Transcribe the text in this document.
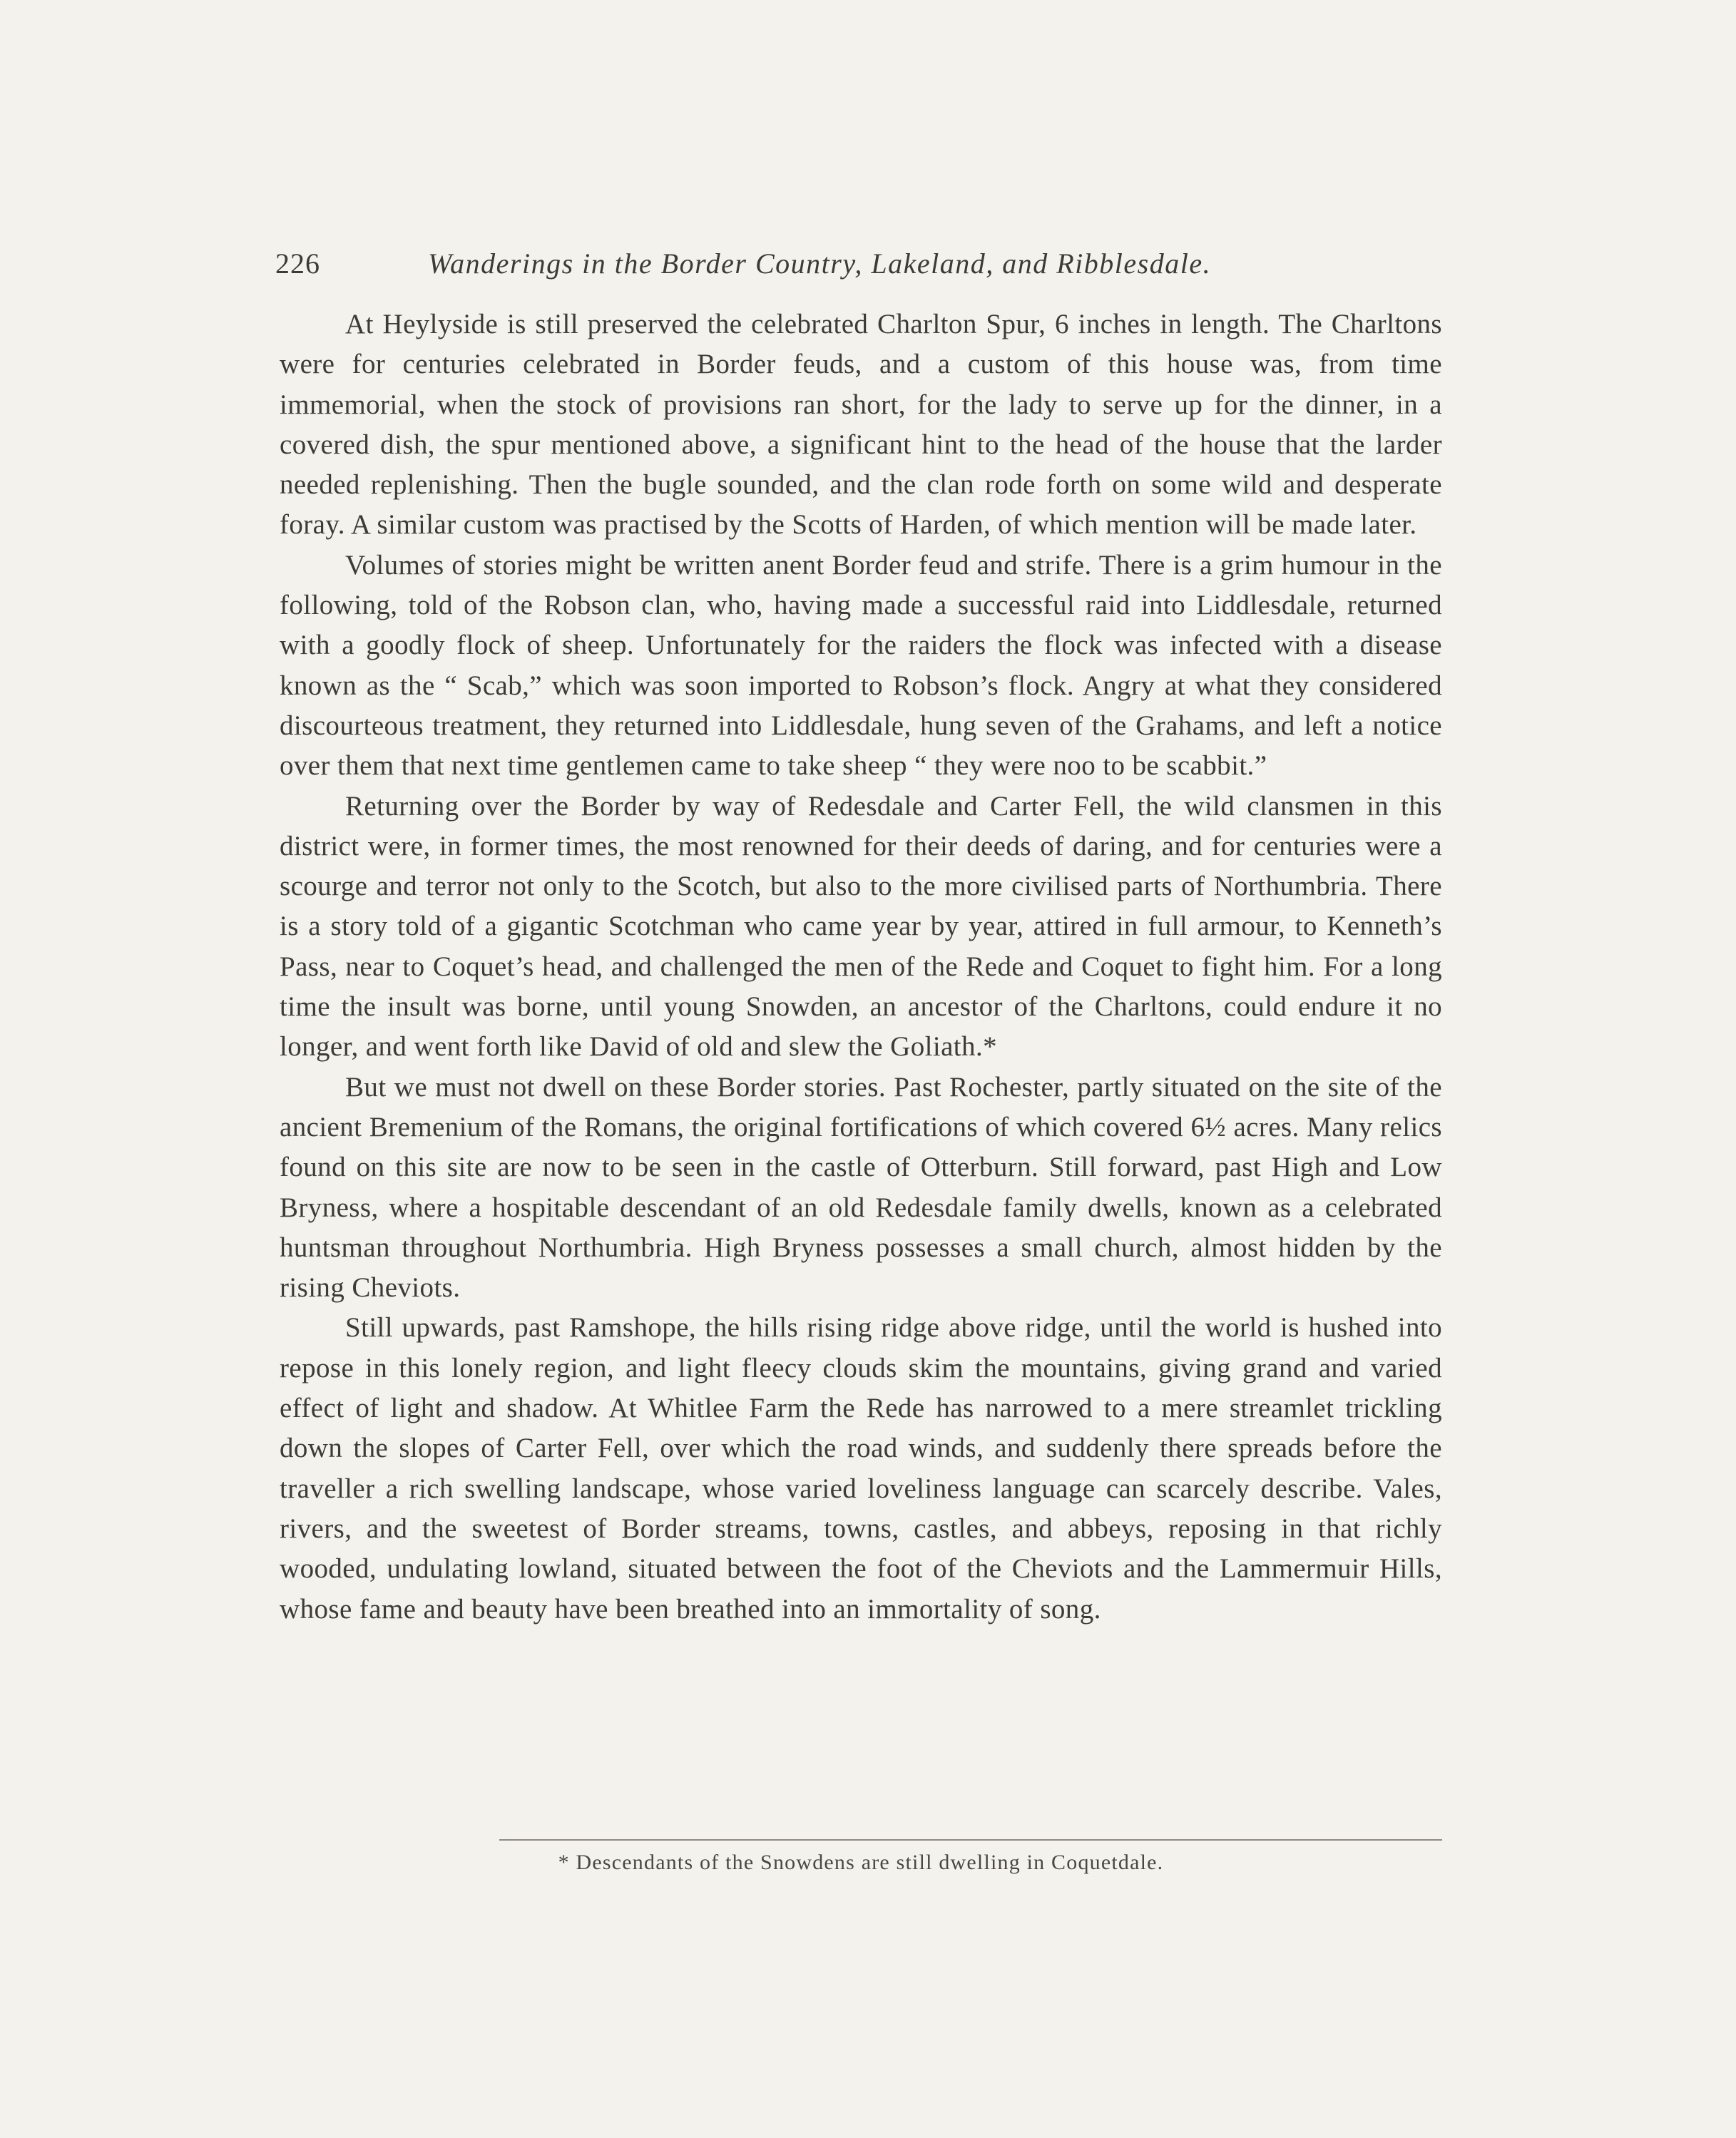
226	Wanderings in the Border Country, Lakeland, and Ribblesdale.

At Heylyside is still preserved the celebrated Charlton Spur, 6 inches in length. The Charltons were for centuries celebrated in Border feuds, and a custom of this house was, from time immemorial, when the stock of provisions ran short, for the lady to serve up for the dinner, in a covered dish, the spur mentioned above, a significant hint to the head of the house that the larder needed replenishing. Then the bugle sounded, and the clan rode forth on some wild and desperate foray. A similar custom was practised by the Scotts of Harden, of which mention will be made later.

Volumes of stories might be written anent Border feud and strife. There is a grim humour in the following, told of the Robson clan, who, having made a successful raid into Liddlesdale, returned with a goodly flock of sheep. Unfortunately for the raiders the flock was infected with a disease known as the “ Scab,” which was soon imported to Robson’s flock. Angry at what they considered discourteous treatment, they returned into Liddlesdale, hung seven of the Grahams, and left a notice over them that next time gentlemen came to take sheep “ they were noo to be scabbit.”

Returning over the Border by way of Redesdale and Carter Fell, the wild clansmen in this district were, in former times, the most renowned for their deeds of daring, and for centuries were a scourge and terror not only to the Scotch, but also to the more civilised parts of Northumbria. There is a story told of a gigantic Scotchman who came year by year, attired in full armour, to Kenneth’s Pass, near to Coquet’s head, and challenged the men of the Rede and Coquet to fight him. For a long time the insult was borne, until young Snowden, an ancestor of the Charltons, could endure it no longer, and went forth like David of old and slew the Goliath.*

But we must not dwell on these Border stories. Past Rochester, partly situated on the site of the ancient Bremenium of the Romans, the original fortifications of which covered 6½ acres. Many relics found on this site are now to be seen in the castle of Otterburn. Still forward, past High and Low Bryness, where a hospitable descendant of an old Redesdale family dwells, known as a celebrated huntsman throughout Northumbria. High Bryness possesses a small church, almost hidden by the rising Cheviots.

Still upwards, past Ramshope, the hills rising ridge above ridge, until the world is hushed into repose in this lonely region, and light fleecy clouds skim the mountains, giving grand and varied effect of light and shadow. At Whitlee Farm the Rede has narrowed to a mere streamlet trickling down the slopes of Carter Fell, over which the road winds, and suddenly there spreads before the traveller a rich swelling landscape, whose varied loveliness language can scarcely describe. Vales, rivers, and the sweetest of Border streams, towns, castles, and abbeys, reposing in that richly wooded, undulating lowland, situated between the foot of the Cheviots and the Lammermuir Hills, whose fame and beauty have been breathed into an immortality of song.

* Descendants of the Snowdens are still dwelling in Coquetdale.
